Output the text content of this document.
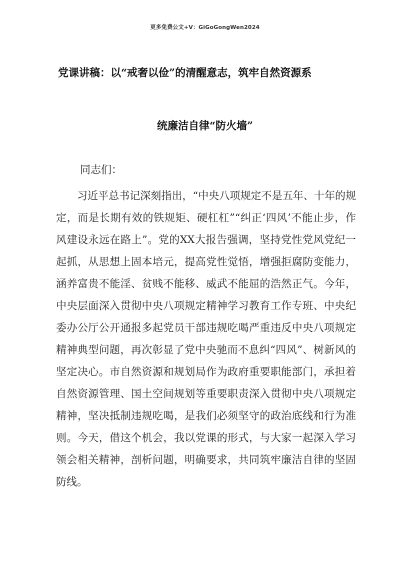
更多免费公文+V：GiGoGongWen2024
党课讲稿：以“戒奢以俭”的清醒意志，筑牢自然资源系
统廉洁自律“防火墙”
同志们：

习近平总书记深刻指出，“中央八项规定不是五年、十年的规定，而是长期有效的铁规矩、硬杠杠”“纠正‘四风’不能止步，作风建设永远在路上”。党的XX大报告强调，坚持党性党风党纪一起抓，从思想上固本培元，提高党性觉悟，增强拒腐防变能力，涵养富贵不能淫、贫贱不能移、威武不能屈的浩然正气。今年，中央层面深入贯彻中央八项规定精神学习教育工作专班、中央纪委办公厅公开通报多起党员干部违规吃喝严重违反中央八项规定精神典型问题，再次彰显了党中央驰而不息纠“四风”、树新风的坚定决心。市自然资源和规划局作为政府重要职能部门，承担着自然资源管理、国土空间规划等重要职责深入贯彻中央八项规定精神，坚决抵制违规吃喝，是我们必须坚守的政治底线和行为准则。今天，借这个机会，我以党课的形式，与大家一起深入学习领会相关精神，剖析问题，明确要求，共同筑牢廉洁自律的坚固防线。
